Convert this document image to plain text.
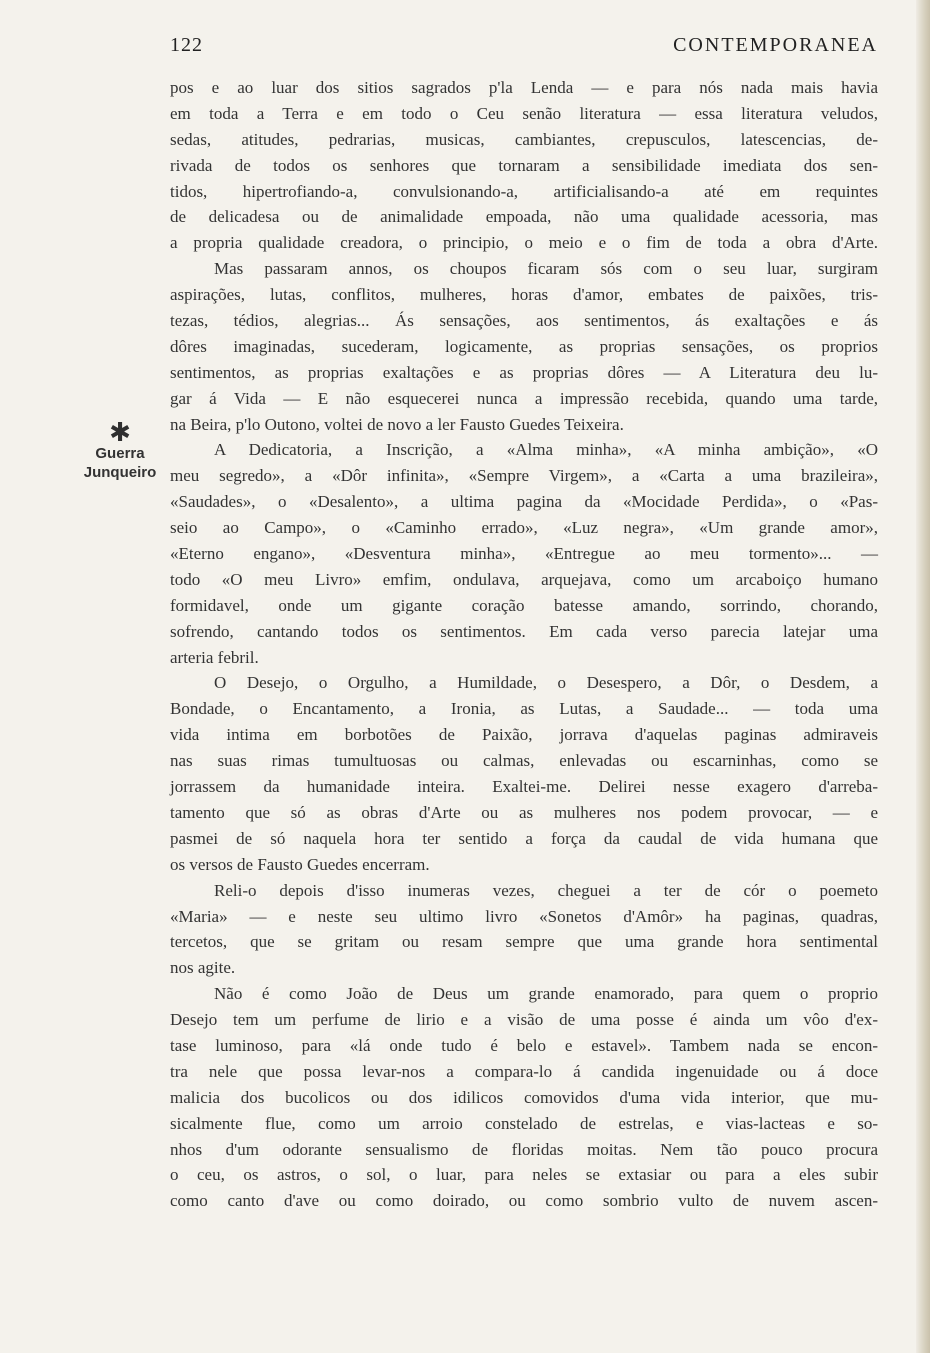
122	CONTEMPORANEA
✱
Guerra
Junqueiro
pos e ao luar dos sitios sagrados p'la Lenda — e para nós nada mais havia
em toda a Terra e em todo o Ceu senão literatura — essa literatura veludos,
sedas, atitudes, pedrarias, musicas, cambiantes, crepusculos, latescencias, de-
rivada de todos os senhores que tornaram a sensibilidade imediata dos sen-
tidos, hipertrofiando-a, convulsionando-a, artificialisando-a até em requintes
de delicadesa ou de animalidade empoada, não uma qualidade acessoria, mas
a propria qualidade creadora, o principio, o meio e o fim de toda a obra d'Arte.
Mas passaram annos, os choupos ficaram sós com o seu luar, surgiram
aspirações, lutas, conflitos, mulheres, horas d'amor, embates de paixões, tris-
tezas, tédios, alegrias... Ás sensações, aos sentimentos, ás exaltações e ás
dôres imaginadas, sucederam, logicamente, as proprias sensações, os proprios
sentimentos, as proprias exaltações e as proprias dôres — A Literatura deu lu-
gar á Vida — E não esquecerei nunca a impressão recebida, quando uma tarde,
na Beira, p'lo Outono, voltei de novo a ler Fausto Guedes Teixeira.
A Dedicatoria, a Inscrição, a «Alma minha», «A minha ambição», «O
meu segredo», a «Dôr infinita», «Sempre Virgem», a «Carta a uma brazileira»,
«Saudades», o «Desalento», a ultima pagina da «Mocidade Perdida», o «Pas-
seio ao Campo», o «Caminho errado», «Luz negra», «Um grande amor»,
«Eterno engano», «Desventura minha», «Entregue ao meu tormento»... —
todo «O meu Livro» emfim, ondulava, arquejava, como um arcaboiço humano
formidavel, onde um gigante coração batesse amando, sorrindo, chorando,
sofrendo, cantando todos os sentimentos. Em cada verso parecia latejar uma
arteria febril.
O Desejo, o Orgulho, a Humildade, o Desespero, a Dôr, o Desdem, a
Bondade, o Encantamento, a Ironia, as Lutas, a Saudade... — toda uma
vida intima em borbotões de Paixão, jorrava d'aquelas paginas admiraveis
nas suas rimas tumultuosas ou calmas, enlevadas ou escarninhas, como se
jorrassem da humanidade inteira. Exaltei-me. Delirei nesse exagero d'arreba-
tamento que só as obras d'Arte ou as mulheres nos podem provocar, — e
pasmei de só naquela hora ter sentido a força da caudal de vida humana que
os versos de Fausto Guedes encerram.
Reli-o depois d'isso inumeras vezes, cheguei a ter de cór o poemeto
«Maria» — e neste seu ultimo livro «Sonetos d'Amôr» ha paginas, quadras,
tercetos, que se gritam ou resam sempre que uma grande hora sentimental
nos agite.
Não é como João de Deus um grande enamorado, para quem o proprio
Desejo tem um perfume de lirio e a visão de uma posse é ainda um vôo d'ex-
tase luminoso, para «lá onde tudo é belo e estavel». Tambem nada se encon-
tra nele que possa levar-nos a compara-lo á candida ingenuidade ou á doce
malicia dos bucolicos ou dos idilicos comovidos d'uma vida interior, que mu-
sicalmente flue, como um arroio constelado de estrelas, e vias-lacteas e so-
nhos d'um odorante sensualismo de floridas moitas. Nem tão pouco procura
o ceu, os astros, o sol, o luar, para neles se extasiar ou para a eles subir
como canto d'ave ou como doirado, ou como sombrio vulto de nuvem ascen-
